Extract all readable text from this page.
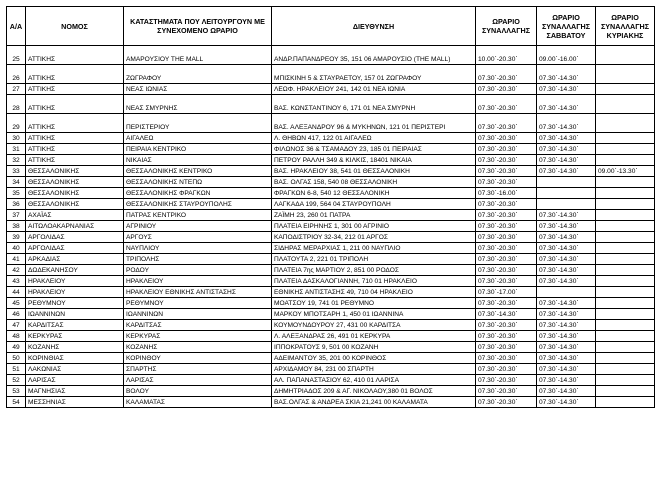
Α/Α	ΝΟΜΟΣ	ΚΑΤΑΣΤΗΜΑΤΑ ΠΟΥ ΛΕΙΤΟΥΡΓΟΥΝ ΜΕ ΣΥΝΕΧΟΜΕΝΟ ΩΡΑΡΙΟ	ΔΙΕΥΘΥΝΣΗ	ΩΡΑΡΙΟ ΣΥΝΑΛΛΑΓΗΣ	ΩΡΑΡΙΟ ΣΥΝΑΛΛΑΓΗΣ ΣΑΒΒΑΤΟΥ	ΩΡΑΡΙΟ ΣΥΝΑΛΛΑΓΗΣ ΚΥΡΙΑΚΗΣ
25	ΑΤΤΙΚΗΣ	ΑΜΑΡΟΥΣΙΟΥ THE MALL	ΑΝΔΡ.ΠΑΠΑΝΔΡΕΟΥ 35, 151 06 ΑΜΑΡΟΥΣΙΟ (THE MALL)	10.00΄-20.30΄	09.00΄-16.00΄	
26	ΑΤΤΙΚΗΣ	ΖΩΓΡΑΦΟΥ	ΜΠΙΣΚΙΝΗ 5 & ΣΤΑΥΡΑΕΤΟΥ, 157 01 ΖΩΓΡΑΦΟΥ	07.30΄-20.30΄	07.30΄-14.30΄	
27	ΑΤΤΙΚΗΣ	ΝΕΑΣ ΙΩΝΙΑΣ	ΛΕΩΦ. ΗΡΑΚΛΕΙΟΥ 241, 142 01 ΝΕΑ ΙΩΝΙΑ	07.30΄-20.30΄	07.30΄-14.30΄	
28	ΑΤΤΙΚΗΣ	ΝΕΑΣ ΣΜΥΡΝΗΣ	ΒΑΣ. ΚΩΝΣΤΑΝΤΙΝΟΥ 6, 171 01 ΝΕΑ ΣΜΥΡΝΗ	07.30΄-20.30΄	07.30΄-14.30΄	
29	ΑΤΤΙΚΗΣ	ΠΕΡΙΣΤΕΡΙΟΥ	ΒΑΣ. ΑΛΕΞΑΝΔΡΟΥ 96 & ΜΥΚΗΝΩΝ, 121 01 ΠΕΡΙΣΤΕΡΙ	07.30΄-20.30΄	07.30΄-14.30΄	
30	ΑΤΤΙΚΗΣ	ΑΙΓΑΛΕΩ	Λ. ΘΗΒΩΝ 417, 122 01 ΑΙΓΑΛΕΩ	07.30΄-20.30΄	07.30΄-14.30΄	
31	ΑΤΤΙΚΗΣ	ΠΕΙΡΑΙΑ ΚΕΝΤΡΙΚΟ	ΦΙΛΩΝΟΣ 36 & ΤΣΑΜΑΔΟΥ 23, 185 01 ΠΕΙΡΑΙΑΣ	07.30΄-20.30΄	07.30΄-14.30΄	
32	ΑΤΤΙΚΗΣ	ΝΙΚΑΙΑΣ	ΠΕΤΡΟΥ ΡΑΛΛΗ 349 & ΚΙΛΚΙΣ, 18401 ΝΙΚΑΙΑ	07.30΄-20.30΄	07.30΄-14.30΄	
33	ΘΕΣΣΑΛΟΝΙΚΗΣ	ΘΕΣΣΑΛΟΝΙΚΗΣ ΚΕΝΤΡΙΚΟ	ΒΑΣ. ΗΡΑΚΛΕΙΟΥ 38, 541 01 ΘΕΣΣΑΛΟΝΙΚΗ	07.30΄-20.30΄	07.30΄-14.30΄	09.00΄-13.30΄
34	ΘΕΣΣΑΛΟΝΙΚΗΣ	ΘΕΣΣΑΛΟΝΙΚΗΣ ΝΤΕΠΩ	ΒΑΣ. ΟΛΓΑΣ 158, 540 08 ΘΕΣΣΑΛΟΝΙΚΗ	07.30΄-20.30΄		
35	ΘΕΣΣΑΛΟΝΙΚΗΣ	ΘΕΣΣΑΛΟΝΙΚΗΣ ΦΡΑΓΚΩΝ	ΦΡΑΓΚΩΝ 6-8, 540 12 ΘΕΣΣΑΛΟΝΙΚΗ	07.30΄-16.00΄		
36	ΘΕΣΣΑΛΟΝΙΚΗΣ	ΘΕΣΣΑΛΟΝΙΚΗΣ ΣΤΑΥΡΟΥΠΟΛΗΣ	ΛΑΓΚΑΔΑ 199, 564 04 ΣΤΑΥΡΟΥΠΟΛΗ	07.30΄-20.30΄		
37	ΑΧΑΪΑΣ	ΠΑΤΡΑΣ ΚΕΝΤΡΙΚΟ	ΖΑΪΜΗ 23, 260 01 ΠΑΤΡΑ	07.30΄-20.30΄	07.30΄-14.30΄	
38	ΑΙΤΩΛΟΑΚΑΡΝΑΝΙΑΣ	ΑΓΡΙΝΙΟΥ	ΠΛΑΤΕΙΑ ΕΙΡΗΝΗΣ 1, 301 00 ΑΓΡΙΝΙΟ	07.30΄-20.30΄	07.30΄-14.30΄	
39	ΑΡΓΟΛΙΔΑΣ	ΑΡΓΟΥΣ	ΚΑΠΟΔΙΣΤΡΙΟΥ 32-34, 212 01 ΑΡΓΟΣ	07.30΄-20.30΄	07.30΄-14.30΄	
40	ΑΡΓΟΛΙΔΑΣ	ΝΑΥΠΛΙΟΥ	ΣΙΔΗΡΑΣ ΜΕΡΑΡΧΙΑΣ 1, 211 00 ΝΑΥΠΛΙΟ	07.30΄-20.30΄	07.30΄-14.30΄	
41	ΑΡΚΑΔΙΑΣ	ΤΡΙΠΟΛΗΣ	ΠΛΑΤΟΥΤΑ 2, 221 01 ΤΡΙΠΟΛΗ	07.30΄-20.30΄	07.30΄-14.30΄	
42	ΔΩΔΕΚΑΝΗΣΟΥ	ΡΟΔΟΥ	ΠΛΑΤΕΙΑ 7ης ΜΑΡΤΙΟΥ 2, 851 00 ΡΟΔΟΣ	07.30΄-20.30΄	07.30΄-14.30΄	
43	ΗΡΑΚΛΕΙΟΥ	ΗΡΑΚΛΕΙΟΥ	ΠΛΑΤΕΙΑ ΔΑΣΚΑΛΟΓΙΑΝΝΗ, 710 01 ΗΡΑΚΛΕΙΟ	07.30΄-20.30΄	07.30΄-14.30΄	
44	ΗΡΑΚΛΕΙΟΥ	ΗΡΑΚΛΕΙΟΥ ΕΘΝΙΚΗΣ ΑΝΤΙΣΤΑΣΗΣ	ΕΘΝΙΚΗΣ ΑΝΤΙΣΤΑΣΗΣ 49, 710 04 ΗΡΑΚΛΕΙΟ	07.30΄-17.00΄		
45	ΡΕΘΥΜΝΟΥ	ΡΕΘΥΜΝΟΥ	ΜΟΑΤΣΟΥ 19, 741 01 ΡΕΘΥΜΝΟ	07.30΄-20.30΄	07.30΄-14.30΄	
46	ΙΩΑΝΝΙΝΩΝ	ΙΩΑΝΝΙΝΩΝ	ΜΑΡΚΟΥ ΜΠΟΤΣΑΡΗ 1, 450 01 ΙΩΑΝΝΙΝΑ	07.30΄-14.30΄	07.30΄-14.30΄	
47	ΚΑΡΔΙΤΣΑΣ	ΚΑΡΔΙΤΣΑΣ	ΚΟΥΜΟΥΝΔΟΥΡΟΥ 27, 431 00 ΚΑΡΔΙΤΣΑ	07.30΄-20.30΄	07.30΄-14.30΄	
48	ΚΕΡΚΥΡΑΣ	ΚΕΡΚΥΡΑΣ	Λ. ΑΛΕΞΑΝΔΡΑΣ 26, 491 01 ΚΕΡΚΥΡΑ	07.30΄-20.30΄	07.30΄-14.30΄	
49	ΚΟΖΑΝΗΣ	ΚΟΖΑΝΗΣ	ΙΠΠΟΚΡΑΤΟΥΣ 9, 501 00 ΚΟΖΑΝΗ	07.30΄-20.30΄	07.30΄-14.30΄	
50	ΚΟΡΙΝΘΙΑΣ	ΚΟΡΙΝΘΟΥ	ΑΔΕΙΜΑΝΤΟΥ 35, 201 00 ΚΟΡΙΝΘΟΣ	07.30΄-20.30΄	07.30΄-14.30΄	
51	ΛΑΚΩΝΙΑΣ	ΣΠΑΡΤΗΣ	ΑΡΧΙΔΑΜΟΥ 84, 231 00 ΣΠΑΡΤΗ	07.30΄-20.30΄	07.30΄-14.30΄	
52	ΛΑΡΙΣΑΣ	ΛΑΡΙΣΑΣ	ΑΛ. ΠΑΠΑΝΑΣΤΑΣΙΟΥ 62, 410 01 ΛΑΡΙΣΑ	07.30΄-20.30΄	07.30΄-14.30΄	
53	ΜΑΓΝΗΣΙΑΣ	ΒΟΛΟΥ	ΔΗΜΗΤΡΙΑΔΟΣ 209 & ΑΓ. ΝΙΚΟΛΑΟΥ,380 01 ΒΟΛΟΣ	07.30΄-20.30΄	07.30΄-14.30΄	
54	ΜΕΣΣΗΝΙΑΣ	ΚΑΛΑΜΑΤΑΣ	ΒΑΣ.ΟΛΓΑΣ & ΑΝΔΡΕΑ ΣΚΙΑ 21,241 00 ΚΑΛΑΜΑΤΑ	07.30΄-20.30΄	07.30΄-14.30΄	
